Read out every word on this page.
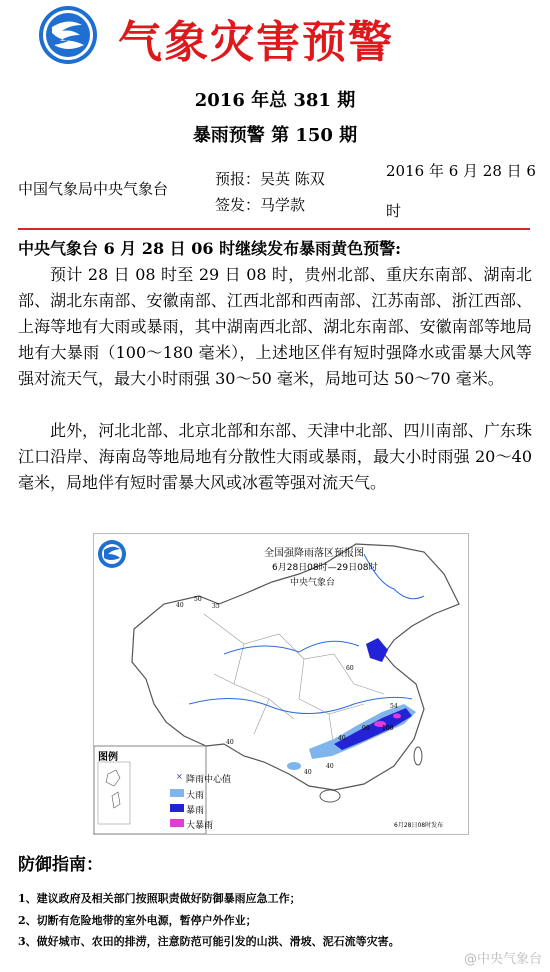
气象灾害预警
2016 年总 381 期
暴雨预警 第 150 期
中国气象局中央气象台
预报：吴英 陈双
签发：马学款
2016 年 6 月 28 日 6
时
中央气象台 6 月 28 日 06 时继续发布暴雨黄色预警:
预计 28 日 08 时至 29 日 08 时，贵州北部、重庆东南部、湖南北部、湖北东南部、安徽南部、江西北部和西南部、江苏南部、浙江西部、上海等地有大雨或暴雨，其中湖南西北部、湖北东南部、安徽南部等地局地有大暴雨（100～180 毫米），上述地区伴有短时强降水或雷暴大风等强对流天气，最大小时雨强 30～50 毫米，局地可达 50～70 毫米。
此外，河北北部、北京北部和东部、天津中北部、四川南部、广东珠江口沿岸、海南岛等地局地有分散性大雨或暴雨，最大小时雨强 20～40 毫米，局地伴有短时雷暴大风或冰雹等强对流天气。
40
50
35
40
60
40
40
40
54
100
90
×
全国强降雨落区预报图
6月28日08时—29日08时
中央气象台
图例
降雨中心值
大雨
暴雨
大暴雨	6月28日08时发布
防御指南：
1、建议政府及相关部门按照职责做好防御暴雨应急工作；
2、切断有危险地带的室外电源，暂停户外作业；
3、做好城市、农田的排涝，注意防范可能引发的山洪、滑坡、泥石流等灾害。
@中央气象台
